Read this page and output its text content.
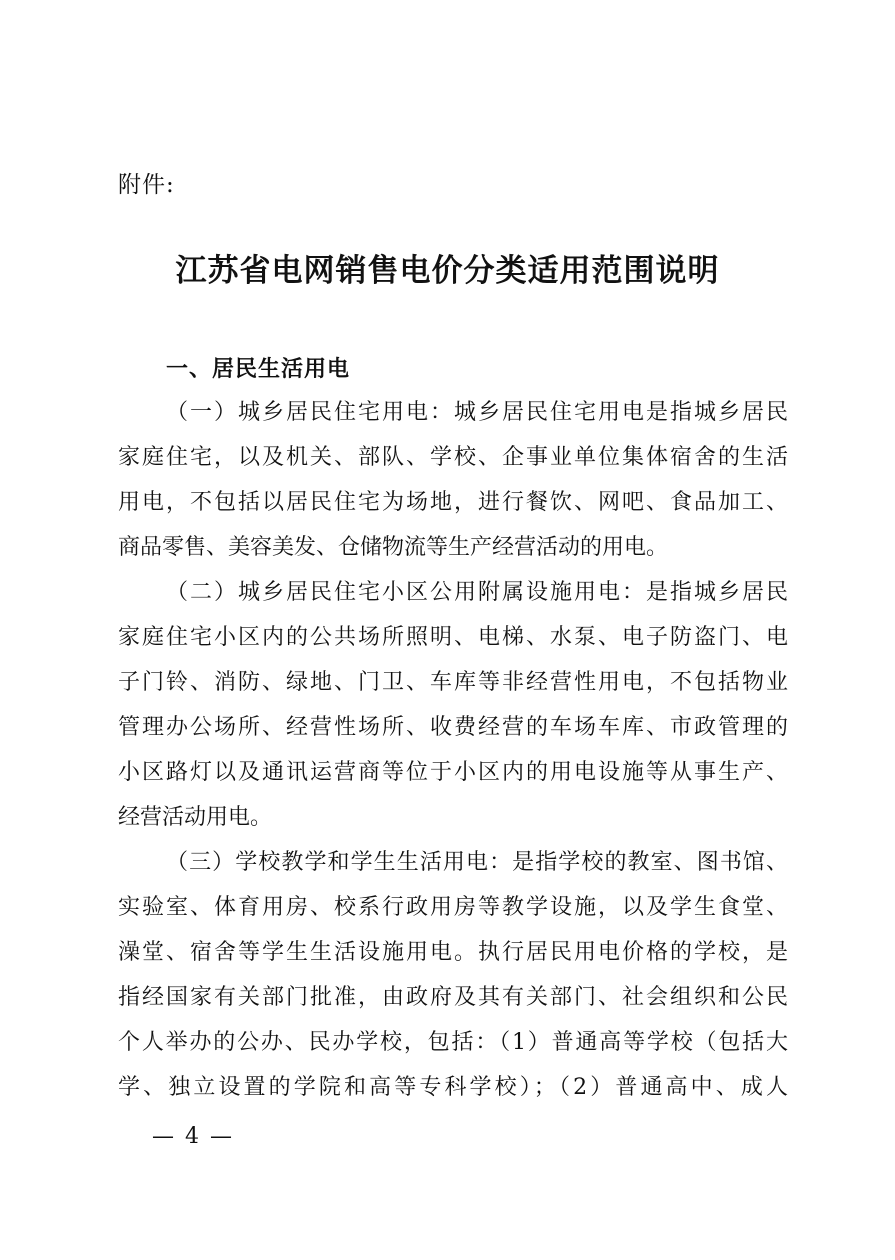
附件:
江苏省电网销售电价分类适用范围说明
一、居民生活用电
（一）城乡居民住宅用电：城乡居民住宅用电是指城乡居民
家庭住宅，以及机关、部队、学校、企事业单位集体宿舍的生活
用电，不包括以居民住宅为场地，进行餐饮、网吧、食品加工、
商品零售、美容美发、仓储物流等生产经营活动的用电。
（二）城乡居民住宅小区公用附属设施用电：是指城乡居民
家庭住宅小区内的公共场所照明、电梯、水泵、电子防盗门、电
子门铃、消防、绿地、门卫、车库等非经营性用电，不包括物业
管理办公场所、经营性场所、收费经营的车场车库、市政管理的
小区路灯以及通讯运营商等位于小区内的用电设施等从事生产、
经营活动用电。
（三）学校教学和学生生活用电：是指学校的教室、图书馆、
实验室、体育用房、校系行政用房等教学设施，以及学生食堂、
澡堂、宿舍等学生生活设施用电。执行居民用电价格的学校，是
指经国家有关部门批准，由政府及其有关部门、社会组织和公民
个人举办的公办、民办学校，包括：（1）普通高等学校（包括大
学、独立设置的学院和高等专科学校）；（2）普通高中、成人
— 4 —
